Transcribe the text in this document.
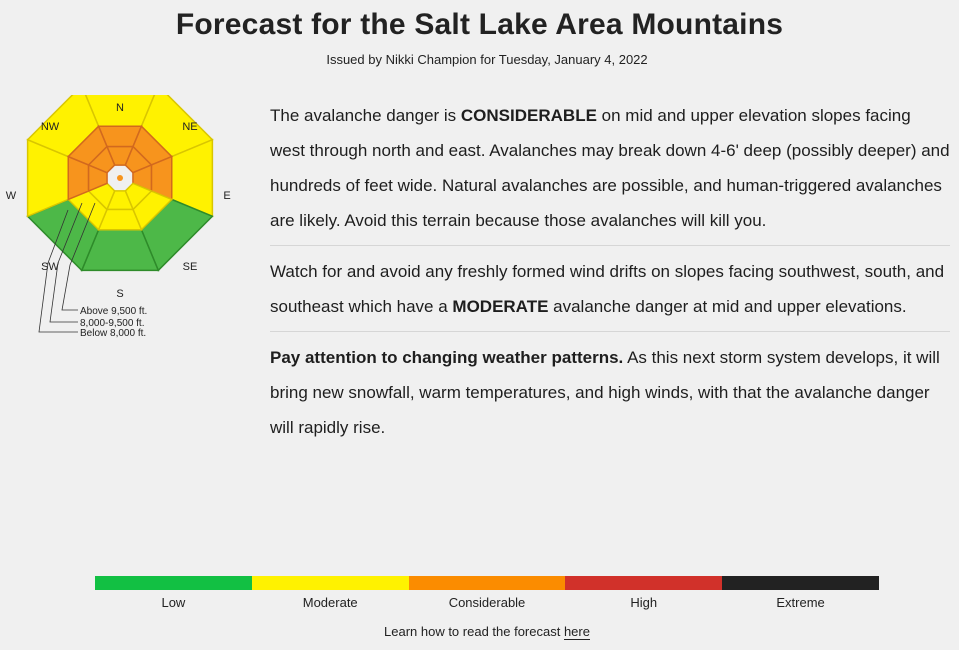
Forecast for the Salt Lake Area Mountains
Issued by Nikki Champion for Tuesday, January 4, 2022
N
NE
E
SE
S
SW
W
NW
Above 9,500 ft.
8,000-9,500 ft.
Below 8,000 ft.

The avalanche danger is CONSIDERABLE on mid and upper elevation slopes facing west through north and east. Avalanches may break down 4-6' deep (possibly deeper) and hundreds of feet wide. Natural avalanches are possible, and human-triggered avalanches are likely. Avoid this terrain because those avalanches will kill you.

Watch for and avoid any freshly formed wind drifts on slopes facing southwest, south, and southeast which have a MODERATE avalanche danger at mid and upper elevations.

Pay attention to changing weather patterns. As this next storm system develops, it will bring new snowfall, warm temperatures, and high winds, with that the avalanche danger will rapidly rise.

Low	Moderate	Considerable	High	Extreme
Learn how to read the forecast here
